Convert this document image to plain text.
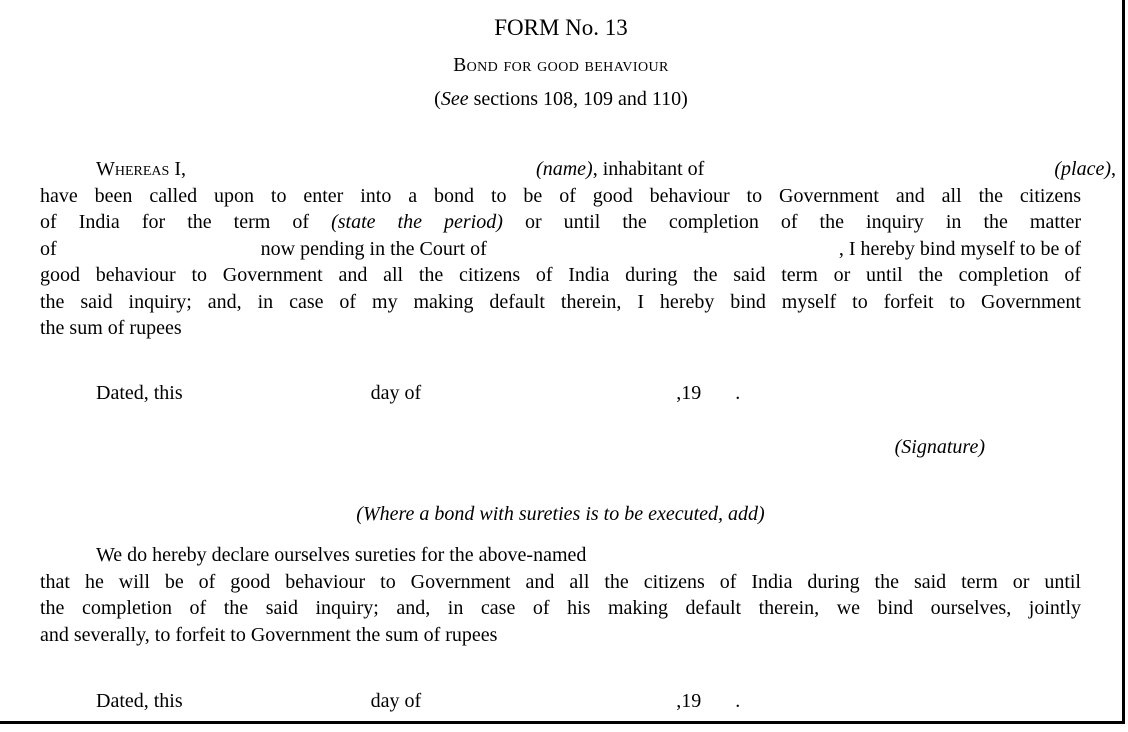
FORM No. 13
Bond for good behaviour
(See sections 108, 109 and 110)
Whereas I,	(name), inhabitant of	(place),
have been called upon to enter into a bond to be of good behaviour to Government and all the citizens
of India for the term of (state the period) or until the completion of the inquiry in the matter
of	now pending in the Court of	, I hereby bind myself to be of
good behaviour to Government and all the citizens of India during the said term or until the completion of
the said inquiry; and, in case of my making default therein, I hereby bind myself to forfeit to Government
the sum of rupees
Dated, this	day of	,19 .
(Signature)
(Where a bond with sureties is to be executed, add)
We do hereby declare ourselves sureties for the above-named
that he will be of good behaviour to Government and all the citizens of India during the said term or until
the completion of the said inquiry; and, in case of his making default therein, we bind ourselves, jointly
and severally, to forfeit to Government the sum of rupees
Dated, this	day of	,19 .
